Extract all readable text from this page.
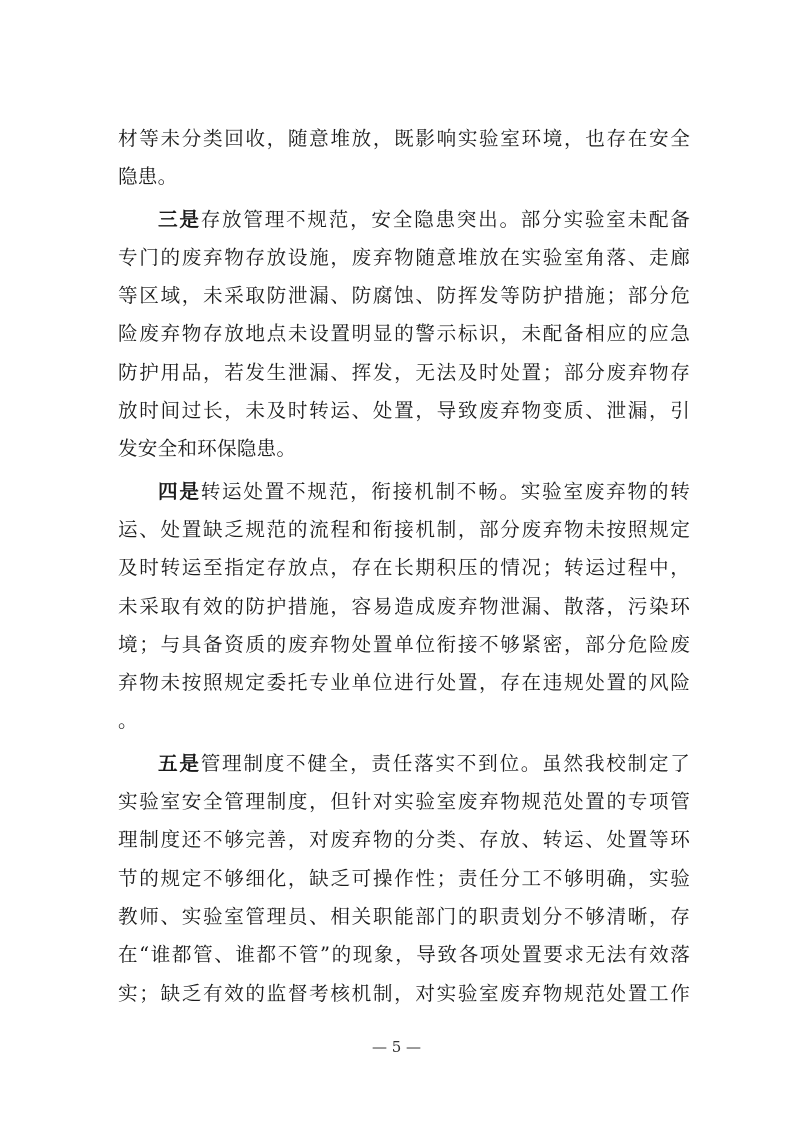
材等未分类回收，随意堆放，既影响实验室环境，也存在安全
隐患。
三是存放管理不规范，安全隐患突出。部分实验室未配备
专门的废弃物存放设施，废弃物随意堆放在实验室角落、走廊
等区域，未采取防泄漏、防腐蚀、防挥发等防护措施；部分危
险废弃物存放地点未设置明显的警示标识，未配备相应的应急
防护用品，若发生泄漏、挥发，无法及时处置；部分废弃物存
放时间过长，未及时转运、处置，导致废弃物变质、泄漏，引
发安全和环保隐患。
四是转运处置不规范，衔接机制不畅。实验室废弃物的转
运、处置缺乏规范的流程和衔接机制，部分废弃物未按照规定
及时转运至指定存放点，存在长期积压的情况；转运过程中，
未采取有效的防护措施，容易造成废弃物泄漏、散落，污染环
境；与具备资质的废弃物处置单位衔接不够紧密，部分危险废
弃物未按照规定委托专业单位进行处置，存在违规处置的风险
。
五是管理制度不健全，责任落实不到位。虽然我校制定了
实验室安全管理制度，但针对实验室废弃物规范处置的专项管
理制度还不够完善，对废弃物的分类、存放、转运、处置等环
节的规定不够细化，缺乏可操作性；责任分工不够明确，实验
教师、实验室管理员、相关职能部门的职责划分不够清晰，存
在“谁都管、谁都不管”的现象，导致各项处置要求无法有效落
实；缺乏有效的监督考核机制，对实验室废弃物规范处置工作
— 5 —
